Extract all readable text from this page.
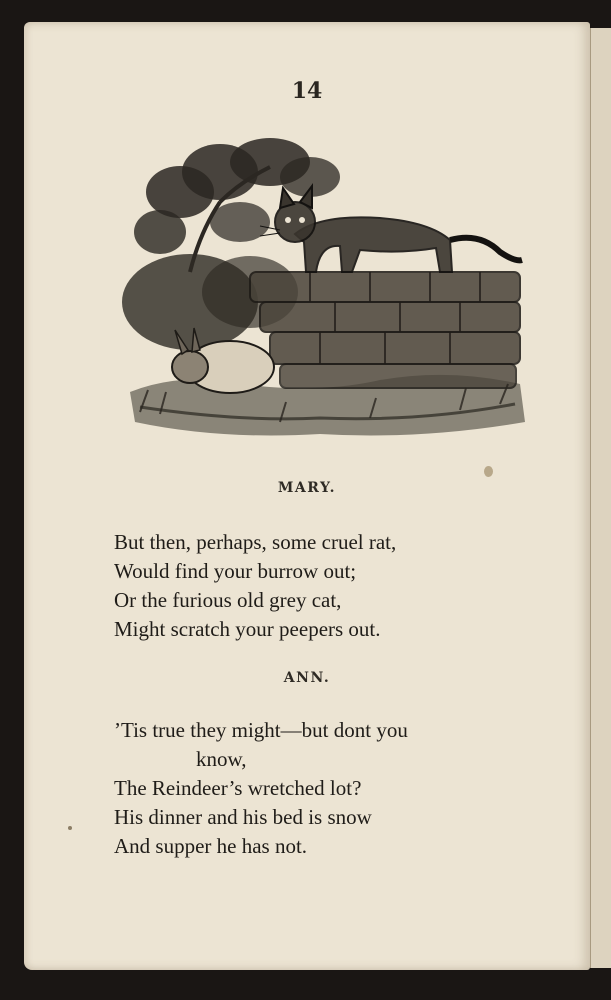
14
MARY.
But then, perhaps, some cruel rat,
Would find your burrow out;
Or the furious old grey cat,
Might scratch your peepers out.
ANN.
’Tis true they might—but dont you
know,
The Reindeer’s wretched lot?
His dinner and his bed is snow
And supper he has not.
